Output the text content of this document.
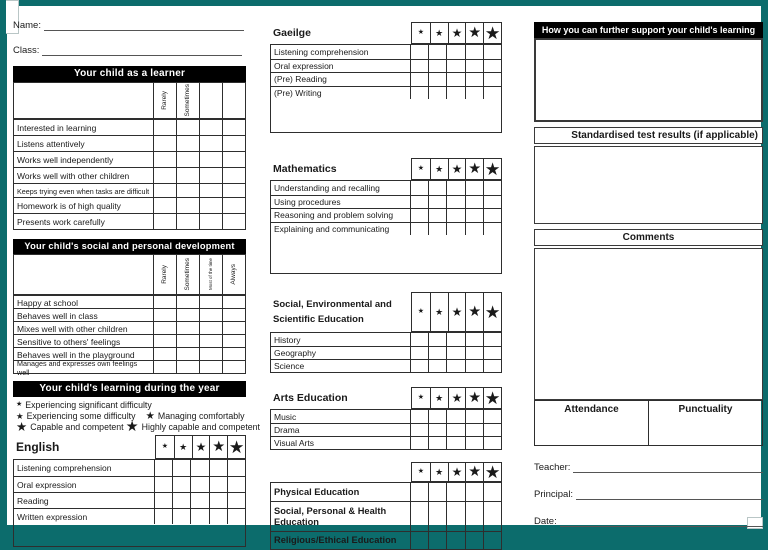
Name:
Class:
Your child as a learner
Rarely Sometimes
Interested in learning
Listens attentively
Works well independently
Works well with other children
Keeps trying even when tasks are difficult
Homework is of high quality
Presents work carefully
Your child's social and personal development
Rarely Sometimes	Most of the time	Always
Happy at school
Behaves well in class
Mixes well with other children
Sensitive to others' feelings
Behaves well in the playground
Manages and expresses own feelings well
Your child's learning during the year
★ Experiencing significant difficulty
★ Experiencing some difficulty ★ Managing comfortably
★ Capable and competent ★ Highly capable and competent
English	★ ★ ★ ★ ★
Listening comprehension
Oral expression
Reading
Written expression
Gaeilge	★ ★ ★ ★ ★
Listening comprehension
Oral expression
(Pre) Reading
(Pre) Writing
Mathematics	★ ★ ★ ★ ★
Understanding and recalling
Using procedures
Reasoning and problem solving
Explaining and communicating
Social, Environmental and
Scientific Education
★ ★ ★ ★ ★
History
Geography
Science
Arts Education	★ ★ ★ ★ ★
Music
Drama
Visual Arts
★ ★ ★ ★ ★
Physical Education
Social, Personal & Health Education
Religious/Ethical Education
How you can further support your child's learning
Standardised test results (if applicable)
Comments
Attendance	Punctuality
Teacher:
Principal:
Date:
